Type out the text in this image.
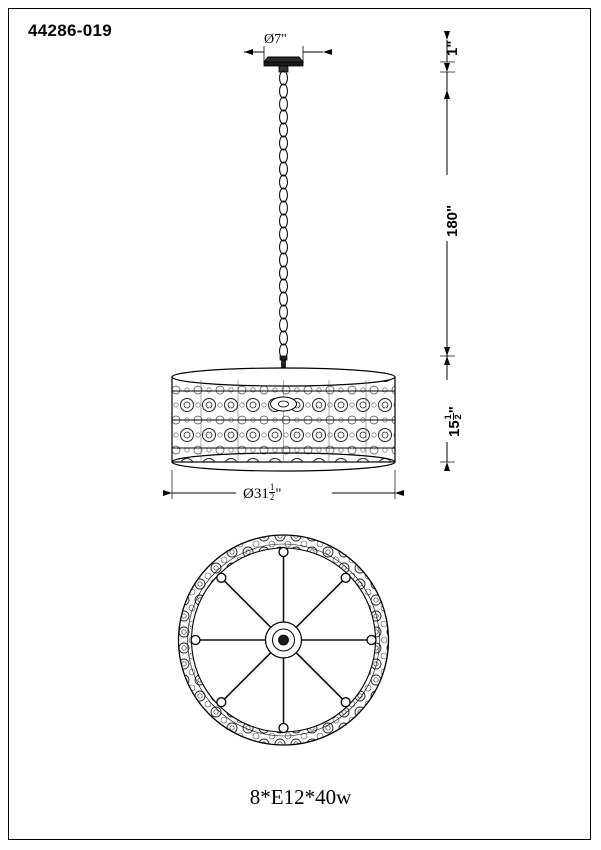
44286-019	Ø7"
1"
180"
15
1 2
"
Ø31 $\frac{1}{2}$ "
8*E12*40w
